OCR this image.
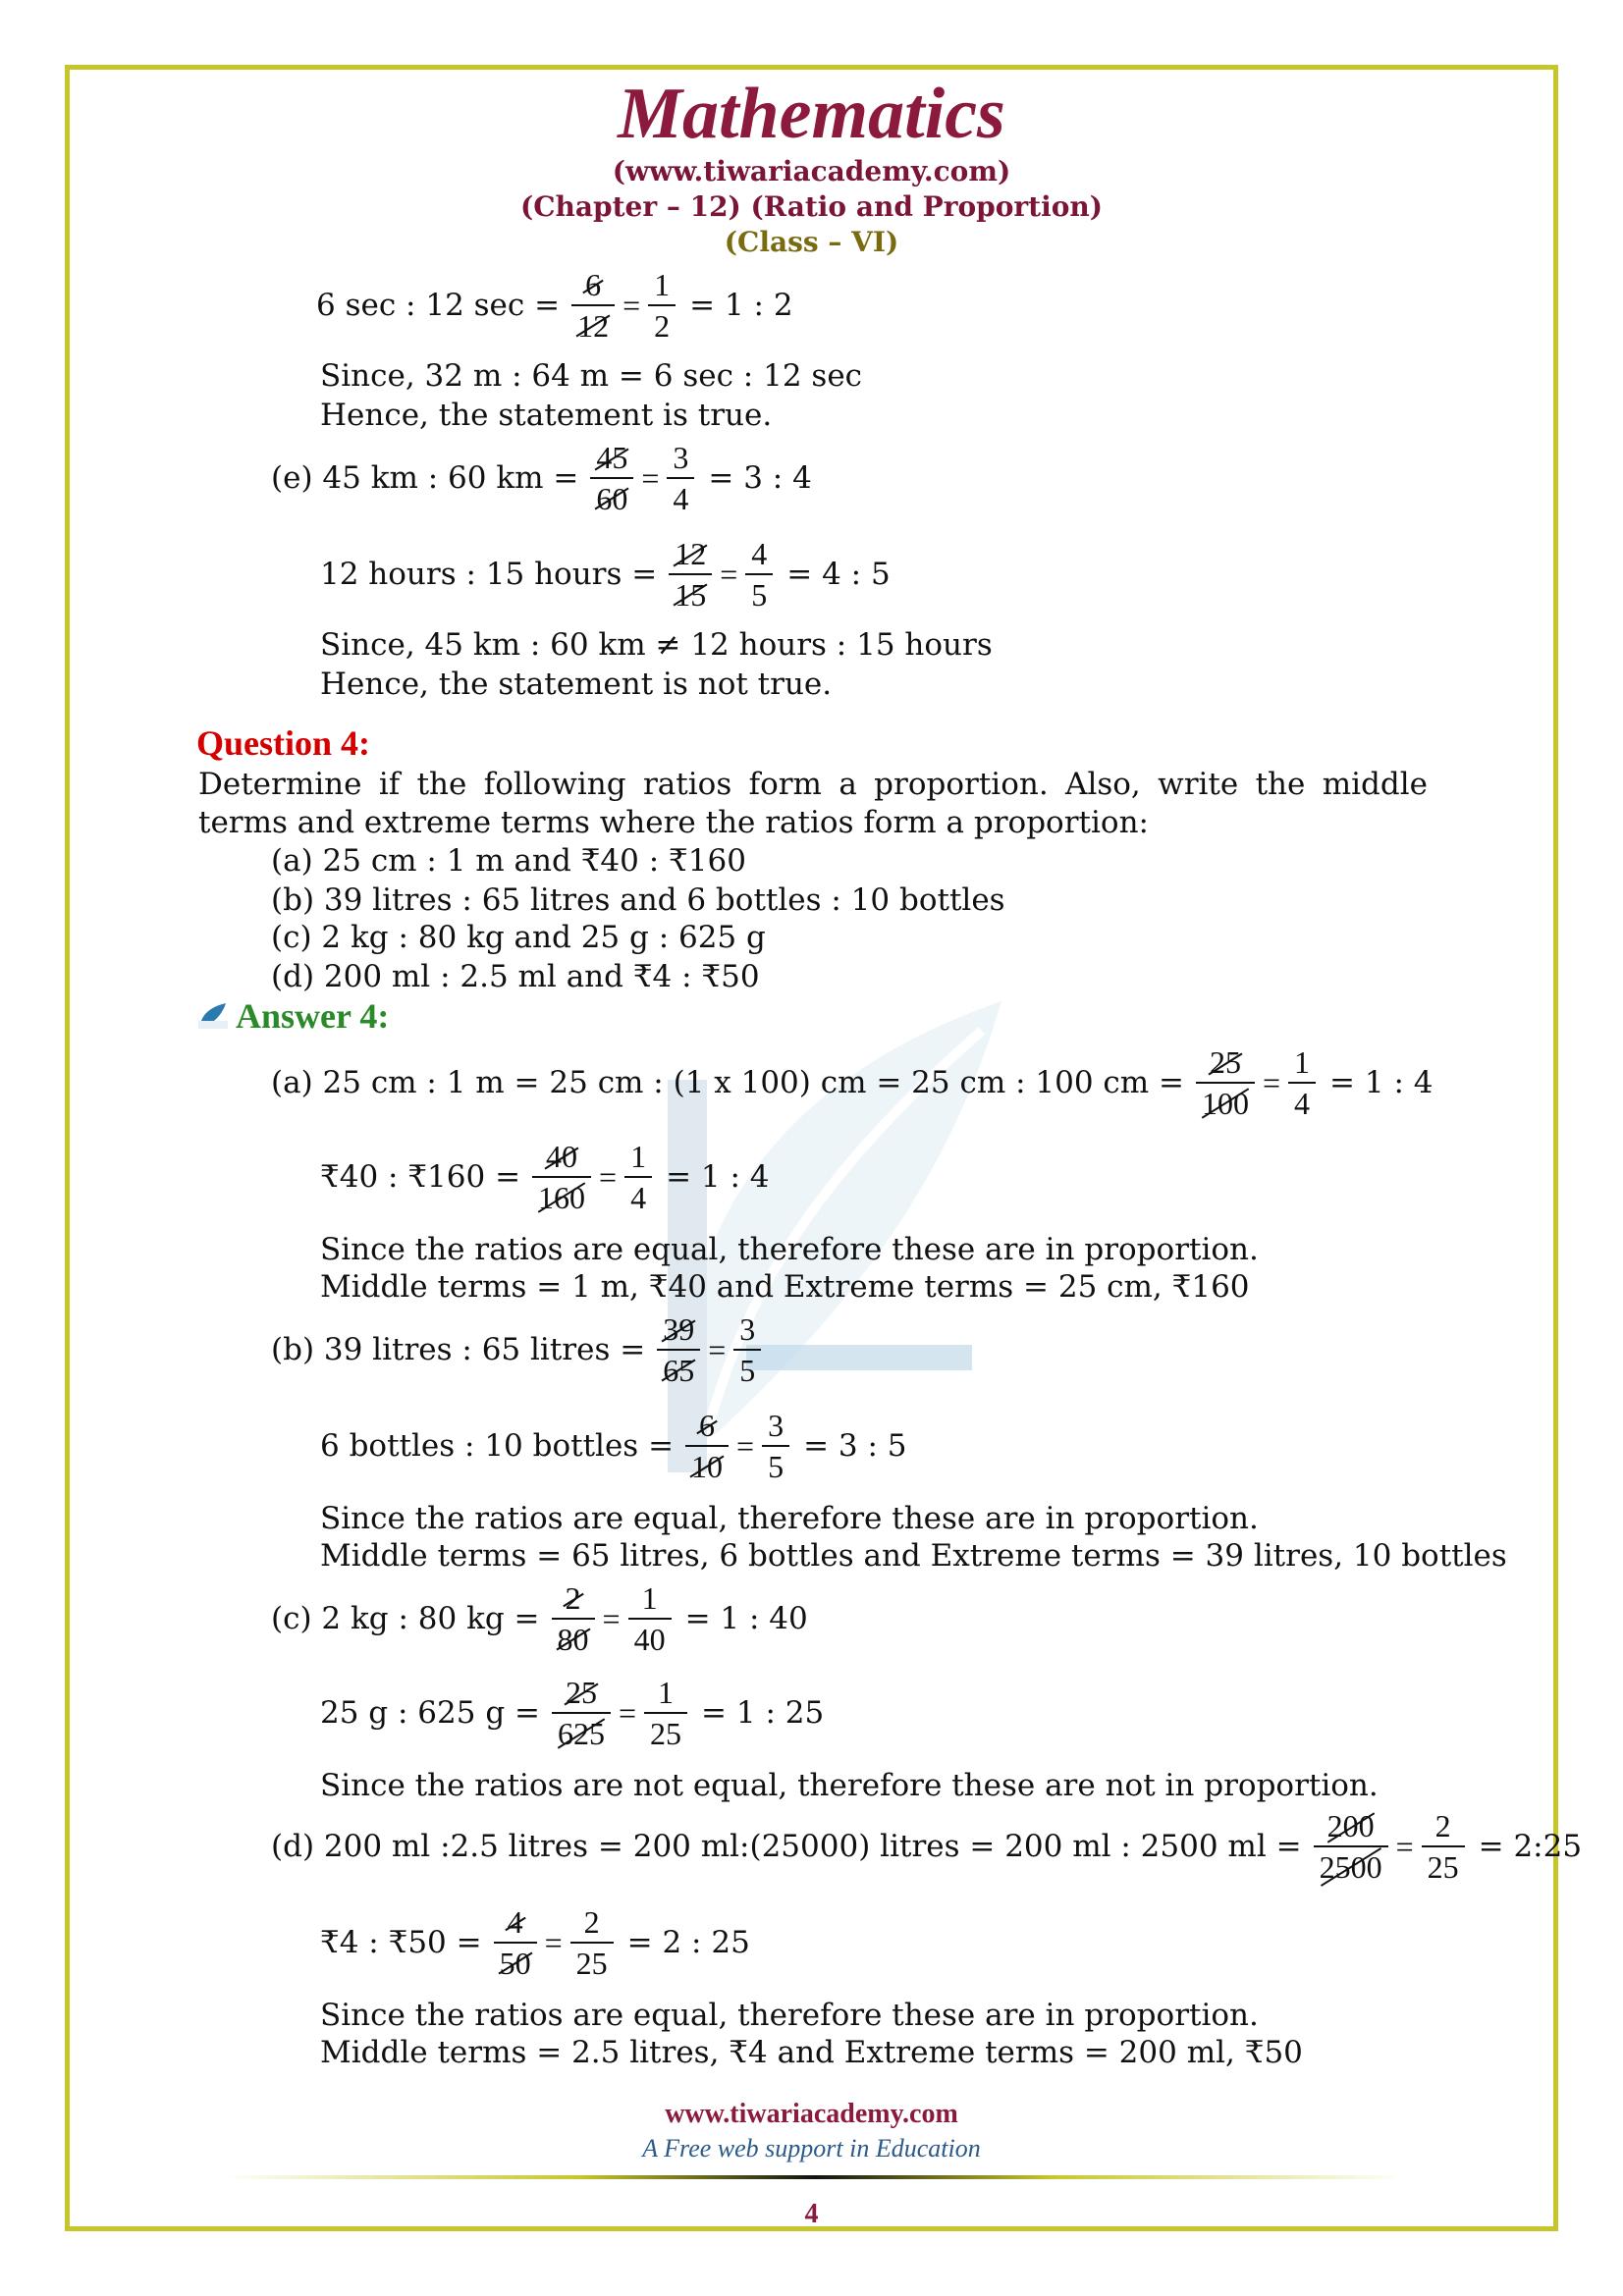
Mathematics
(www.tiwariacademy.com)
(Chapter – 12) (Ratio and Proportion)
(Class – VI)
6 sec : 12 $\sec = \frac{6}{12} = \frac{1}{2} = 1$ : 2
Since, 32 m : 64 m = 6 sec : 12 sec
Hence, the statement is true.
(e) 45 km : 60 km = $\frac{45}{60} = \frac{3}{4} = 3$ : 4
12 hours : 15 hours = $\frac{12}{15} = \frac{4}{5} = 4$ : 5
Since, 45 km : 60 km ≠ 12 hours : 15 hours
Hence, the statement is not true.
Question 4:
Determine if the following ratios form a proportion. Also, write the middle terms and extreme terms where the ratios form a proportion:
(a) 25 cm : 1 m and ₹40 : ₹160
(b) 39 litres : 65 litres and 6 bottles : 10 bottles
(c) 2 kg : 80 kg and 25 g : 625 g
(d) 200 ml : 2.5 ml and ₹4 : ₹50
Answer 4:
(a) 25 cm : 1 m = 25 cm : (1 x 100) cm = 25 cm : 100 cm = $\frac{25}{100} = \frac{1}{4} = 1$ : 4
₹40 : ₹160 = $\frac{40}{160} = \frac{1}{4} = 1$ : 4
Since the ratios are equal, therefore these are in proportion.
Middle terms = 1 m, ₹40 and Extreme terms = 25 cm, ₹160
(b) 39 litres : 65 litres = $\frac{39}{65} = \frac{3}{5}$
6 bottles : 10 bottles = $\frac{6}{10} = \frac{3}{5} = 3$ : 5
Since the ratios are equal, therefore these are in proportion.
Middle terms = 65 litres, 6 bottles and Extreme terms = 39 litres, 10 bottles
(c) 2 kg : 80 kg = $\frac{2}{80} = \frac{1}{40} = 1$ : 40
25 g : 625 $g = \frac{25}{625} = \frac{1}{25} = 1$ : 25
Since the ratios are not equal, therefore these are not in proportion.
(d) 200 ml :2.5 litres = 200 ml:(25000) litres = 200 ml : 2500 ml = $\frac{200}{2500} = \frac{2}{25}$ = 2:25
₹4 : ₹50 = $\frac{4}{50} = \frac{2}{25} = 2$ : 25
Since the ratios are equal, therefore these are in proportion.
Middle terms = 2.5 litres, ₹4 and Extreme terms = 200 ml, ₹50
www.tiwariacademy.com
A Free web support in Education
4
